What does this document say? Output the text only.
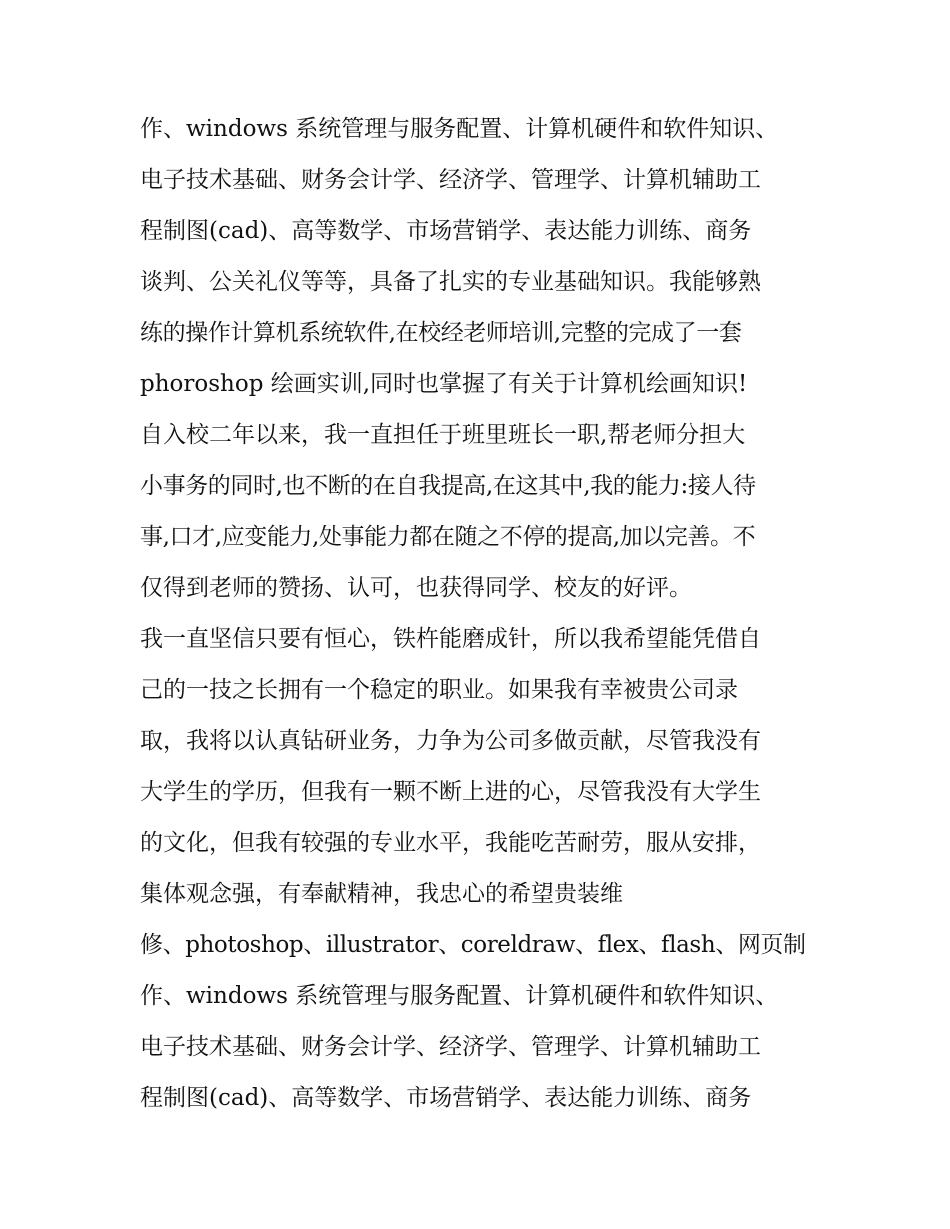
作、windows 系统管理与服务配置、计算机硬件和软件知识、
电子技术基础、财务会计学、经济学、管理学、计算机辅助工
程制图(cad)、高等数学、市场营销学、表达能力训练、商务
谈判、公关礼仪等等，具备了扎实的专业基础知识。我能够熟
练的操作计算机系统软件,在校经老师培训,完整的完成了一套
phoroshop 绘画实训,同时也掌握了有关于计算机绘画知识!
自入校二年以来，我一直担任于班里班长一职,帮老师分担大
小事务的同时,也不断的在自我提高,在这其中,我的能力:接人待
事,口才,应变能力,处事能力都在随之不停的提高,加以完善。不
仅得到老师的赞扬、认可，也获得同学、校友的好评。
我一直坚信只要有恒心，铁杵能磨成针，所以我希望能凭借自
己的一技之长拥有一个稳定的职业。如果我有幸被贵公司录
取，我将以认真钻研业务，力争为公司多做贡献，尽管我没有
大学生的学历，但我有一颗不断上进的心，尽管我没有大学生
的文化，但我有较强的专业水平，我能吃苦耐劳，服从安排，
集体观念强，有奉献精神，我忠心的希望贵装维
修、photoshop、illustrator、coreldraw、flex、flash、网页制
作、windows 系统管理与服务配置、计算机硬件和软件知识、
电子技术基础、财务会计学、经济学、管理学、计算机辅助工
程制图(cad)、高等数学、市场营销学、表达能力训练、商务
